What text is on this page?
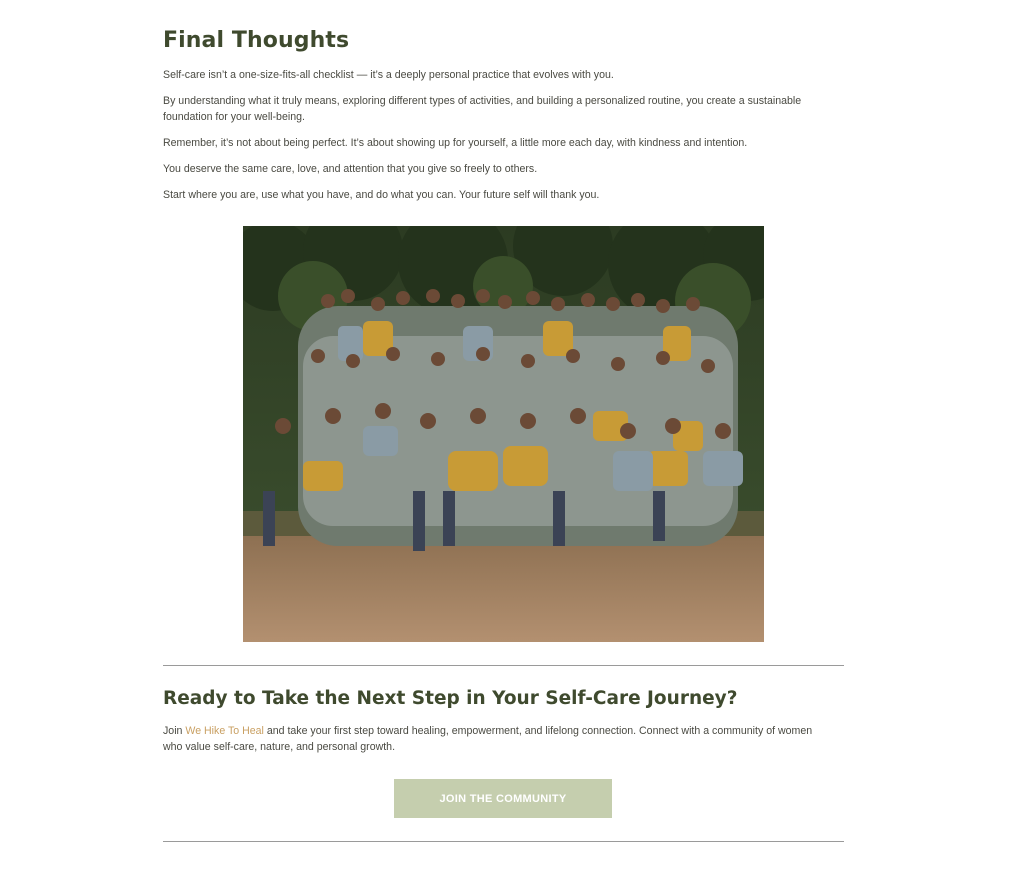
Final Thoughts

Self-care isn’t a one-size-fits-all checklist — it’s a deeply personal practice that evolves with you.

By understanding what it truly means, exploring different types of activities, and building a personalized routine, you create a sustainable foundation for your well-being.

Remember, it’s not about being perfect. It’s about showing up for yourself, a little more each day, with kindness and intention.

You deserve the same care, love, and attention that you give so freely to others.

Start where you are, use what you have, and do what you can. Your future self will thank you.

Ready to Take the Next Step in Your Self-Care Journey?

Join We Hike To Heal and take your first step toward healing, empowerment, and lifelong connection. Connect with a community of women who value self-care, nature, and personal growth.

JOIN THE COMMUNITY
